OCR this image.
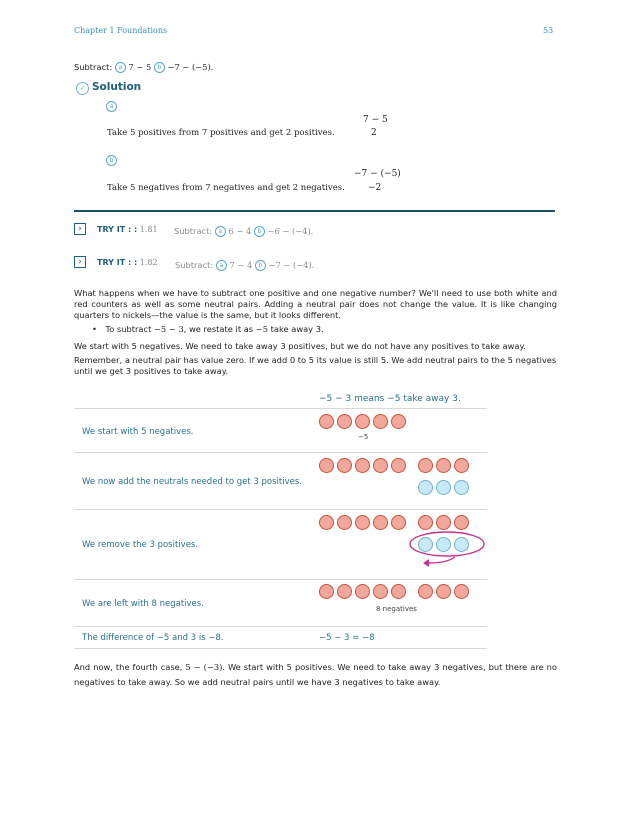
Chapter 1 Foundations	53
Subtract: a 7 − 5 b −7 − (−5).
✓ Solution
a
7 − 5
Take 5 positives from 7 positives and get 2 positives.	2
b
−7 − (−5)
Take 5 negatives from 7 negatives and get 2 negatives.	−2
›	TRY IT : : 1.81 Subtract: a 6 − 4 b −6 − (−4).
›	TRY IT : : 1.82 Subtract: a 7 − 4 b −7 − (−4).
What happens when we have to subtract one positive and one negative number? We'll need to use both white and red counters as well as some neutral pairs. Adding a neutral pair does not change the value. It is like changing quarters to nickels—the value is the same, but it looks different.
• To subtract −5 − 3, we restate it as −5 take away 3.
We start with 5 negatives. We need to take away 3 positives, but we do not have any positives to take away.
Remember, a neutral pair has value zero. If we add 0 to 5 its value is still 5. We add neutral pairs to the 5 negatives until we get 3 positives to take away.
−5 − 3 means −5 take away 3.
We start with 5 negatives.	−5
We now add the neutrals needed to get 3 positives.
We remove the 3 positives.
We are left with 8 negatives.	8 negatives
The difference of −5 and 3 is −8.	−5 − 3 = −8
And now, the fourth case, 5 − (−3). We start with 5 positives. We need to take away 3 negatives, but there are no negatives to take away. So we add neutral pairs until we have 3 negatives to take away.
